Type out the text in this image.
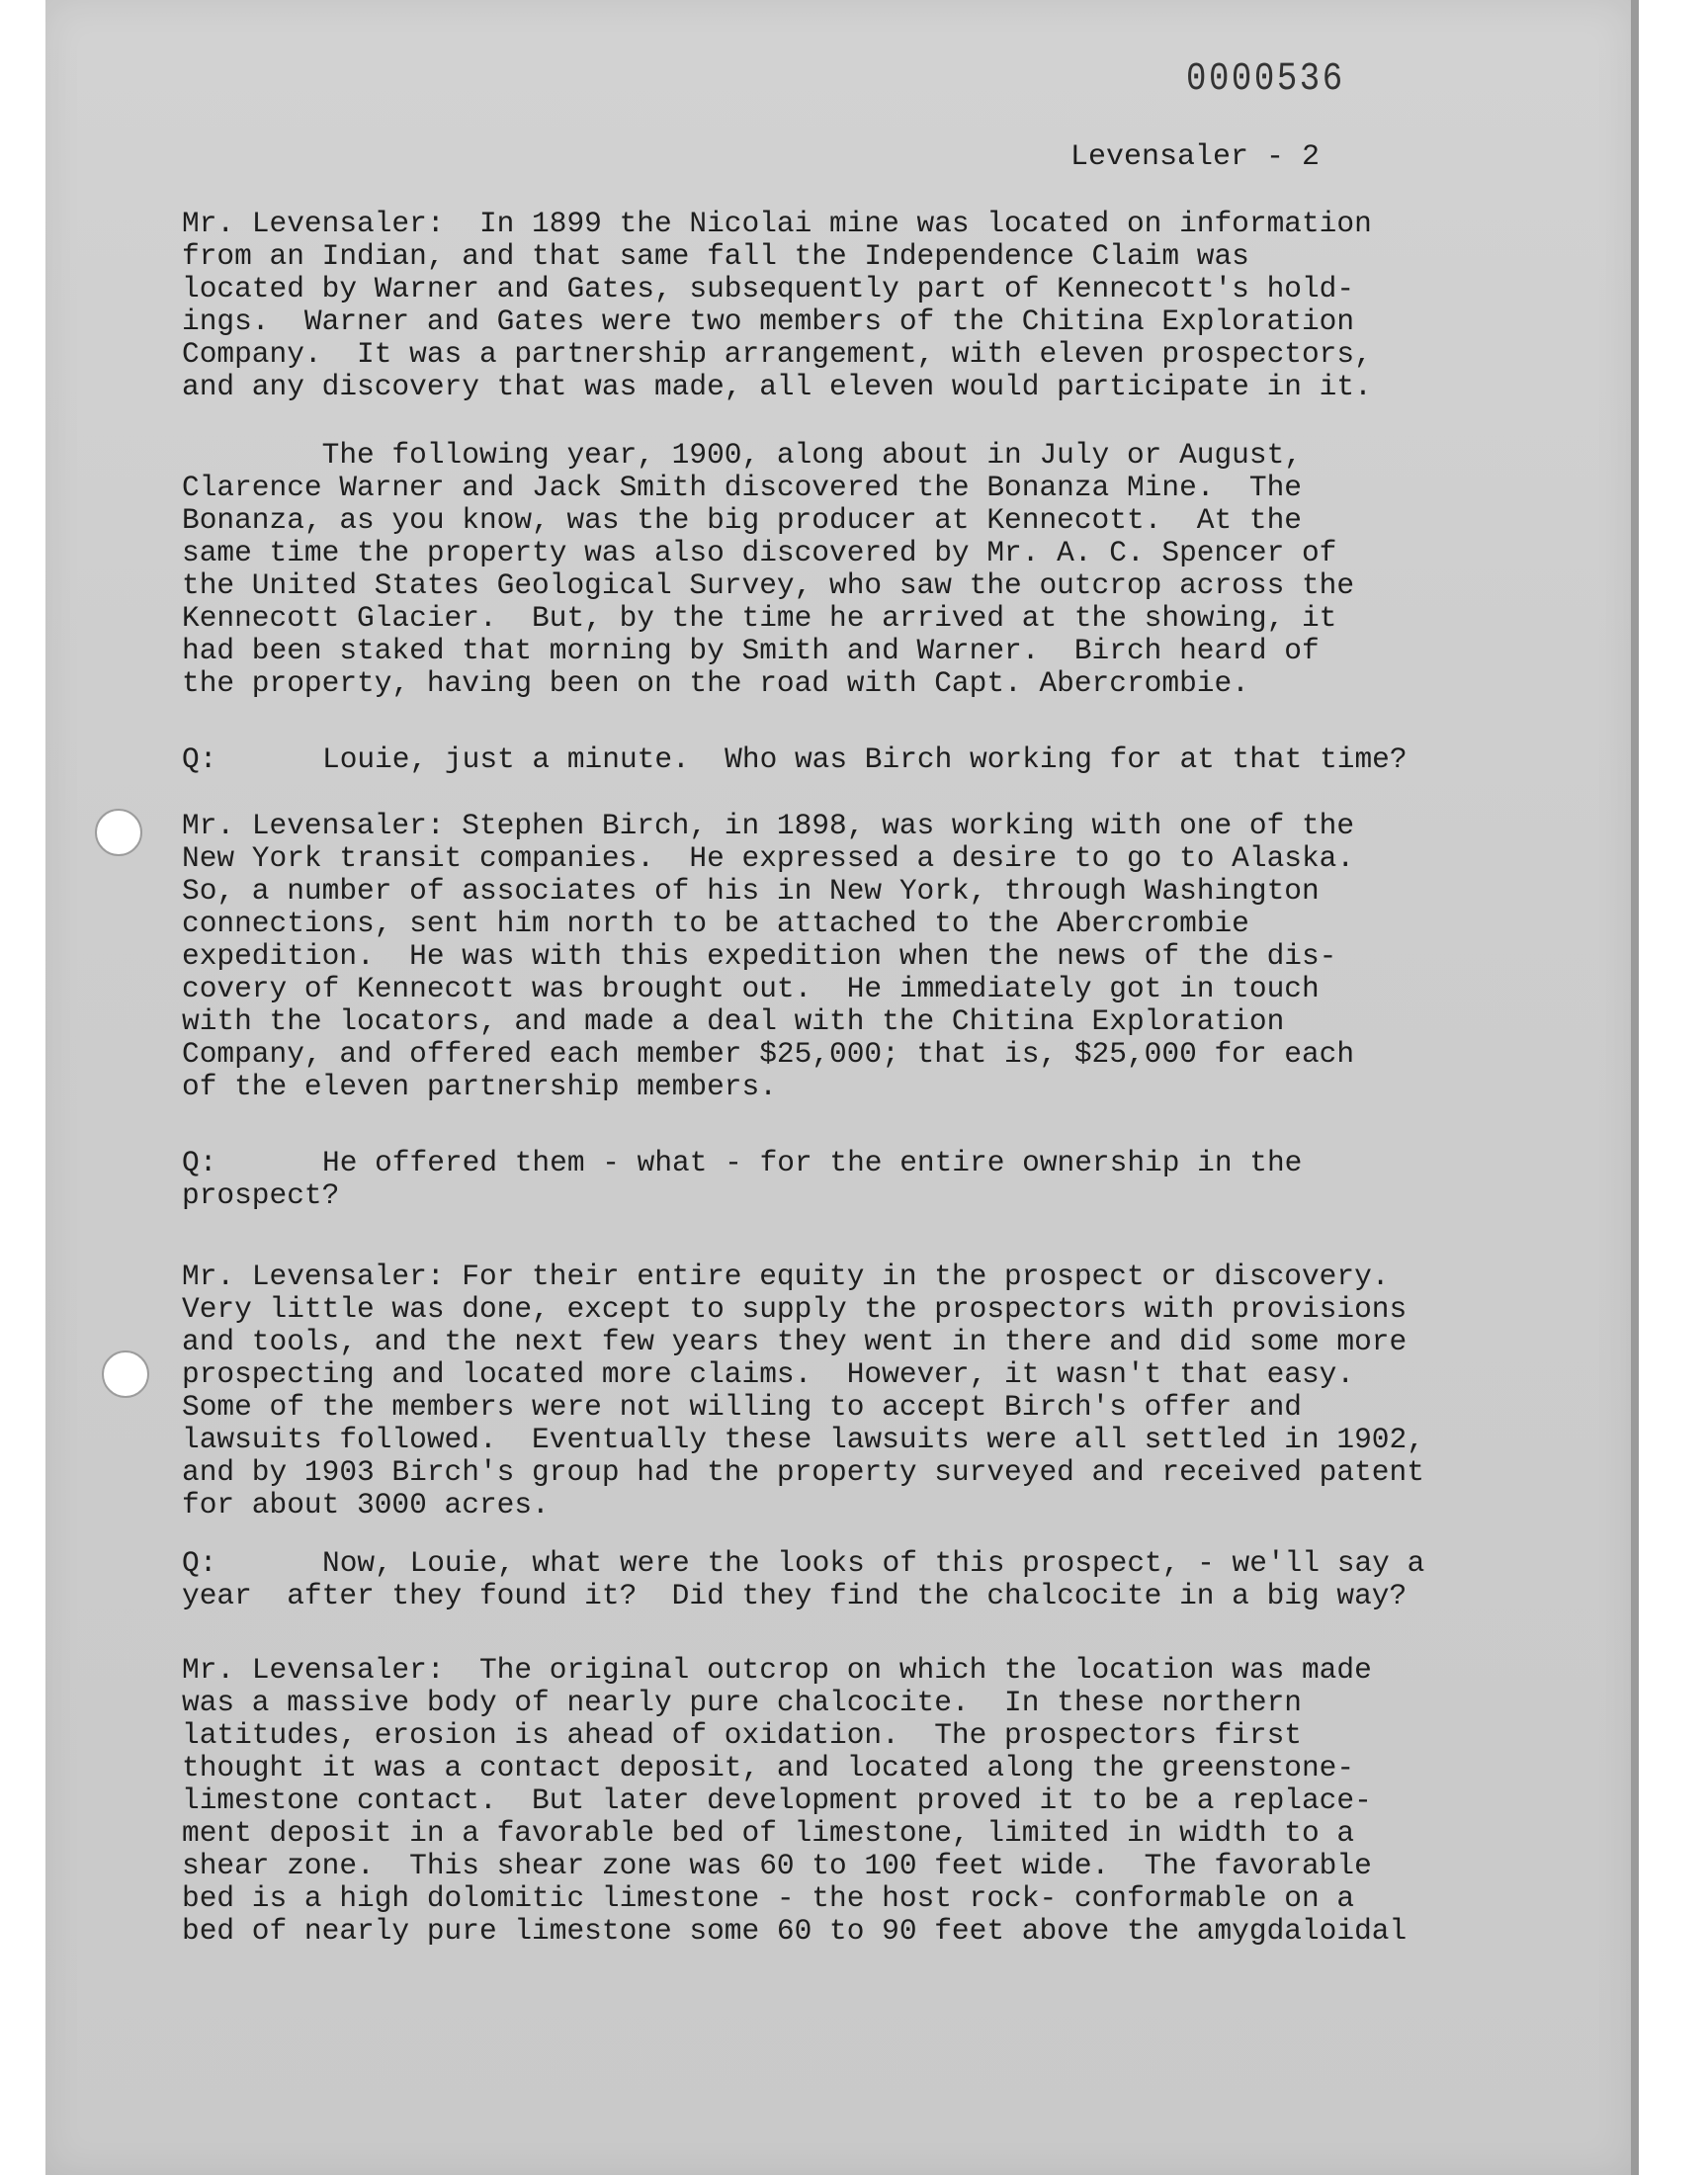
0000536
Levensaler - 2
Mr. Levensaler:  In 1899 the Nicolai mine was located on information
from an Indian, and that same fall the Independence Claim was
located by Warner and Gates, subsequently part of Kennecott's hold-
ings.  Warner and Gates were two members of the Chitina Exploration
Company.  It was a partnership arrangement, with eleven prospectors,
and any discovery that was made, all eleven would participate in it.
The following year, 1900, along about in July or August,
Clarence Warner and Jack Smith discovered the Bonanza Mine.  The
Bonanza, as you know, was the big producer at Kennecott.  At the
same time the property was also discovered by Mr. A. C. Spencer of
the United States Geological Survey, who saw the outcrop across the
Kennecott Glacier.  But, by the time he arrived at the showing, it
had been staked that morning by Smith and Warner.  Birch heard of
the property, having been on the road with Capt. Abercrombie.
Q:	Louie, just a minute.  Who was Birch working for at that time?
Mr. Levensaler: Stephen Birch, in 1898, was working with one of the
New York transit companies.  He expressed a desire to go to Alaska.
So, a number of associates of his in New York, through Washington
connections, sent him north to be attached to the Abercrombie
expedition.  He was with this expedition when the news of the dis-
covery of Kennecott was brought out.  He immediately got in touch
with the locators, and made a deal with the Chitina Exploration
Company, and offered each member $25,000; that is, $25,000 for each
of the eleven partnership members.
Q:	He offered them - what - for the entire ownership in the
prospect?
Mr. Levensaler: For their entire equity in the prospect or discovery.
Very little was done, except to supply the prospectors with provisions
and tools, and the next few years they went in there and did some more
prospecting and located more claims.  However, it wasn't that easy.
Some of the members were not willing to accept Birch's offer and
lawsuits followed.  Eventually these lawsuits were all settled in 1902,
and by 1903 Birch's group had the property surveyed and received patent
for about 3000 acres.
Q:	Now, Louie, what were the looks of this prospect, - we'll say a
year  after they found it?  Did they find the chalcocite in a big way?
Mr. Levensaler:  The original outcrop on which the location was made
was a massive body of nearly pure chalcocite.  In these northern
latitudes, erosion is ahead of oxidation.  The prospectors first
thought it was a contact deposit, and located along the greenstone-
limestone contact.  But later development proved it to be a replace-
ment deposit in a favorable bed of limestone, limited in width to a
shear zone.  This shear zone was 60 to 100 feet wide.  The favorable
bed is a high dolomitic limestone - the host rock- conformable on a
bed of nearly pure limestone some 60 to 90 feet above the amygdaloidal
